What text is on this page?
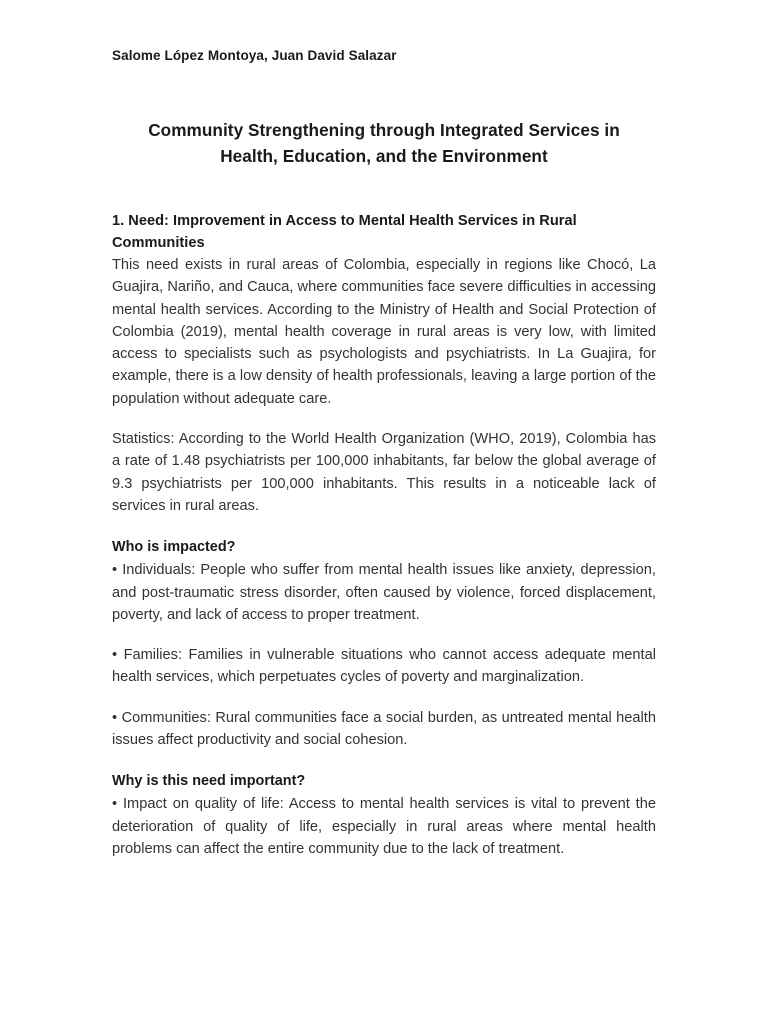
Salome López Montoya, Juan David Salazar
Community Strengthening through Integrated Services in
Health, Education, and the Environment
1. Need: Improvement in Access to Mental Health Services in Rural Communities

This need exists in rural areas of Colombia, especially in regions like Chocó, La Guajira, Nariño, and Cauca, where communities face severe difficulties in accessing mental health services. According to the Ministry of Health and Social Protection of Colombia (2019), mental health coverage in rural areas is very low, with limited access to specialists such as psychologists and psychiatrists. In La Guajira, for example, there is a low density of health professionals, leaving a large portion of the population without adequate care.

Statistics: According to the World Health Organization (WHO, 2019), Colombia has a rate of 1.48 psychiatrists per 100,000 inhabitants, far below the global average of 9.3 psychiatrists per 100,000 inhabitants. This results in a noticeable lack of services in rural areas.

Who is impacted?

• Individuals: People who suffer from mental health issues like anxiety, depression, and post-traumatic stress disorder, often caused by violence, forced displacement, poverty, and lack of access to proper treatment.

• Families: Families in vulnerable situations who cannot access adequate mental health services, which perpetuates cycles of poverty and marginalization.

• Communities: Rural communities face a social burden, as untreated mental health issues affect productivity and social cohesion.

Why is this need important?

• Impact on quality of life: Access to mental health services is vital to prevent the deterioration of quality of life, especially in rural areas where mental health problems can affect the entire community due to the lack of treatment.
